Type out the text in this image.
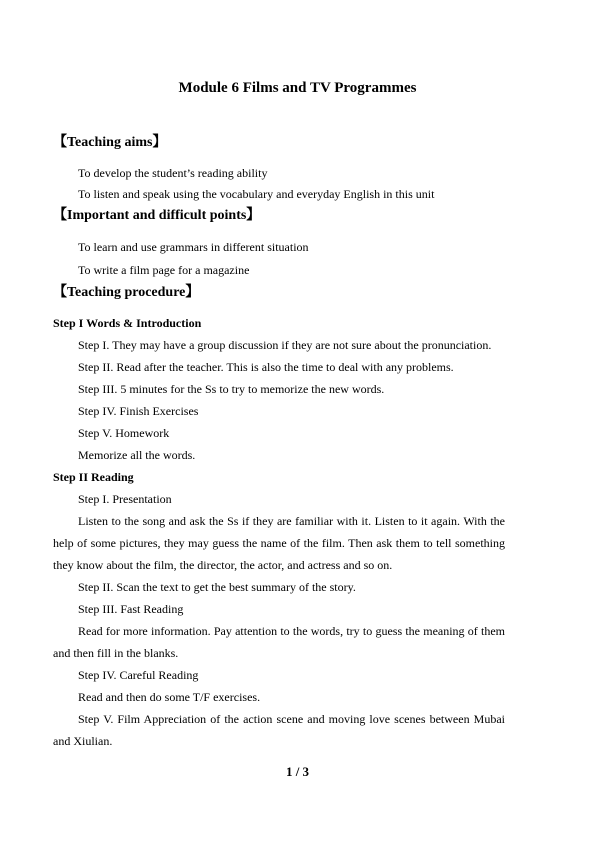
Module 6 Films and TV Programmes
【Teaching aims】
To develop the student’s reading ability
To listen and speak using the vocabulary and everyday English in this unit
【Important and difficult points】
To learn and use grammars in different situation
To write a film page for a magazine
【Teaching procedure】
Step I Words & Introduction
Step I. They may have a group discussion if they are not sure about the pronunciation.
Step II. Read after the teacher. This is also the time to deal with any problems.
Step III. 5 minutes for the Ss to try to memorize the new words.
Step IV. Finish Exercises
Step V. Homework
Memorize all the words.
Step II Reading
Step I. Presentation

Listen to the song and ask the Ss if they are familiar with it. Listen to it again. With the help of some pictures, they may guess the name of the film. Then ask them to tell something they know about the film, the director, the actor, and actress and so on.

Step II. Scan the text to get the best summary of the story.
Step III. Fast Reading

Read for more information. Pay attention to the words, try to guess the meaning of them and then fill in the blanks.

Step IV. Careful Reading
Read and then do some T/F exercises.

Step V. Film Appreciation of the action scene and moving love scenes between Mubai and Xiulian.

1 / 3
